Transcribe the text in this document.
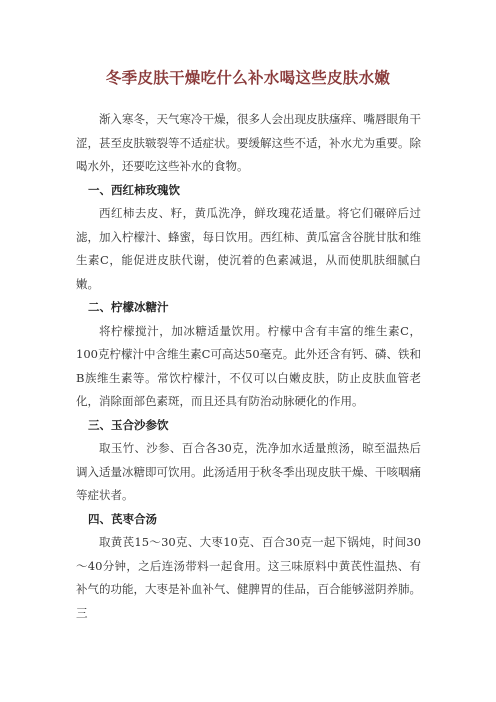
冬季皮肤干燥吃什么补水喝这些皮肤水嫩

渐入寒冬，天气寒冷干燥，很多人会出现皮肤瘙痒、嘴唇眼角干涩，甚至皮肤皲裂等不适症状。要缓解这些不适，补水尤为重要。除喝水外，还要吃这些补水的食物。

一、西红柿玫瑰饮

西红柿去皮、籽，黄瓜洗净，鲜玫瑰花适量。将它们碾碎后过滤，加入柠檬汁、蜂蜜，每日饮用。西红柿、黄瓜富含谷胱甘肽和维生素C，能促进皮肤代谢，使沉着的色素减退，从而使肌肤细腻白嫩。

二、柠檬冰糖汁

将柠檬搅汁，加冰糖适量饮用。柠檬中含有丰富的维生素C，100克柠檬汁中含维生素C可高达50毫克。此外还含有钙、磷、铁和B族维生素等。常饮柠檬汁，不仅可以白嫩皮肤，防止皮肤血管老化，消除面部色素斑，而且还具有防治动脉硬化的作用。

三、玉合沙参饮

取玉竹、沙参、百合各30克，洗净加水适量煎汤，晾至温热后调入适量冰糖即可饮用。此汤适用于秋冬季出现皮肤干燥、干咳咽痛等症状者。

四、芪枣合汤

取黄芪15～30克、大枣10克、百合30克一起下锅炖，时间30～40分钟，之后连汤带料一起食用。这三味原料中黄芪性温热、有补气的功能，大枣是补血补气、健脾胃的佳品，百合能够滋阴养肺。三
